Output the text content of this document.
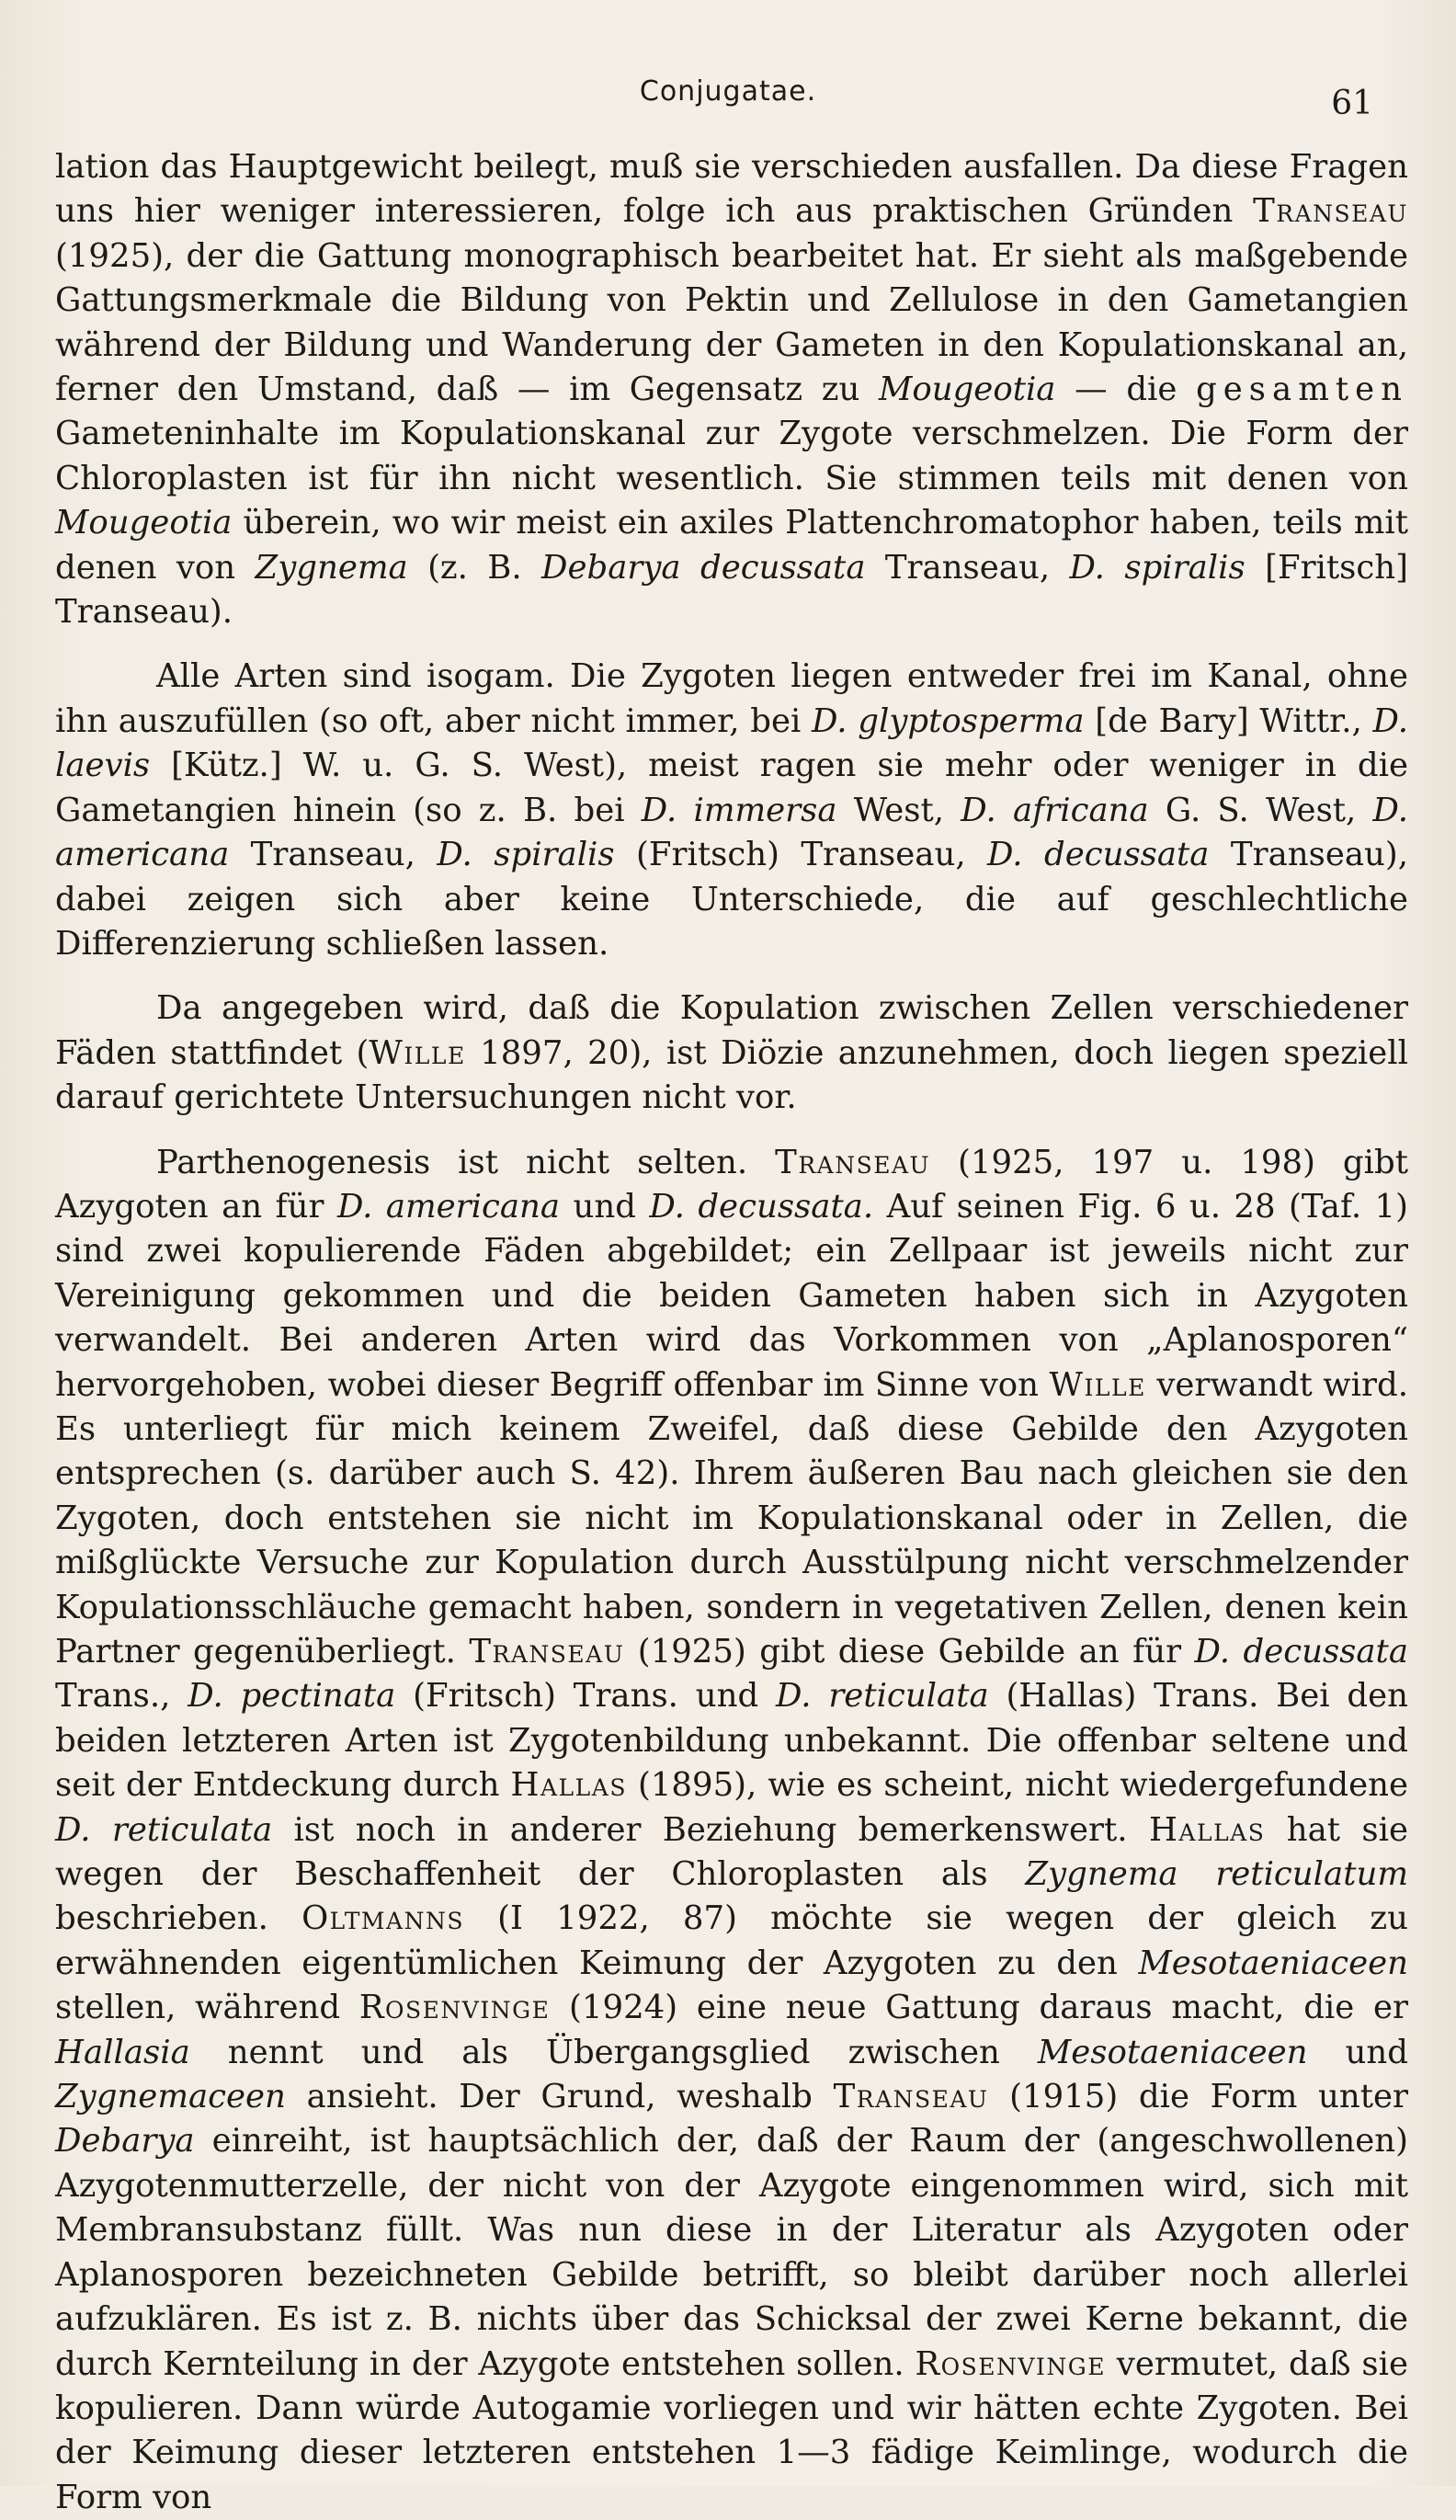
Conjugatae.	61

lation das Hauptgewicht beilegt, muß sie verschieden ausfallen. Da diese Fragen uns hier weniger interessieren, folge ich aus praktischen Gründen Transeau (1925), der die Gattung monographisch bearbeitet hat. Er sieht als maßgebende Gattungsmerkmale die Bildung von Pektin und Zellulose in den Gametangien während der Bildung und Wanderung der Gameten in den Kopulationskanal an, ferner den Umstand, daß — im Gegensatz zu Mougeotia — die gesamten Gameteninhalte im Kopulationskanal zur Zygote verschmelzen. Die Form der Chloroplasten ist für ihn nicht wesentlich. Sie stimmen teils mit denen von Mougeotia überein, wo wir meist ein axiles Plattenchromatophor haben, teils mit denen von Zygnema (z. B. Debarya decussata Transeau, D. spiralis [Fritsch] Transeau).

Alle Arten sind isogam. Die Zygoten liegen entweder frei im Kanal, ohne ihn auszufüllen (so oft, aber nicht immer, bei D. glyptosperma [de Bary] Wittr., D. laevis [Kütz.] W. u. G. S. West), meist ragen sie mehr oder weniger in die Gametangien hinein (so z. B. bei D. immersa West, D. africana G. S. West, D. americana Transeau, D. spiralis (Fritsch) Transeau, D. decussata Transeau), dabei zeigen sich aber keine Unterschiede, die auf geschlechtliche Differenzierung schließen lassen.

Da angegeben wird, daß die Kopulation zwischen Zellen verschiedener Fäden stattfindet (Wille 1897, 20), ist Diözie anzunehmen, doch liegen speziell darauf gerichtete Untersuchungen nicht vor.

Parthenogenesis ist nicht selten. Transeau (1925, 197 u. 198) gibt Azygoten an für D. americana und D. decussata. Auf seinen Fig. 6 u. 28 (Taf. 1) sind zwei kopulierende Fäden abgebildet; ein Zellpaar ist jeweils nicht zur Vereinigung gekommen und die beiden Gameten haben sich in Azygoten verwandelt. Bei anderen Arten wird das Vorkommen von „Aplanosporen“ hervorgehoben, wobei dieser Begriff offenbar im Sinne von Wille verwandt wird. Es unterliegt für mich keinem Zweifel, daß diese Gebilde den Azygoten entsprechen (s. darüber auch S. 42). Ihrem äußeren Bau nach gleichen sie den Zygoten, doch entstehen sie nicht im Kopulationskanal oder in Zellen, die mißglückte Versuche zur Kopulation durch Ausstülpung nicht verschmelzender Kopulationsschläuche gemacht haben, sondern in vegetativen Zellen, denen kein Partner gegenüberliegt. Transeau (1925) gibt diese Gebilde an für D. decussata Trans., D. pectinata (Fritsch) Trans. und D. reticulata (Hallas) Trans. Bei den beiden letzteren Arten ist Zygotenbildung unbekannt. Die offenbar seltene und seit der Entdeckung durch Hallas (1895), wie es scheint, nicht wiedergefundene D. reticulata ist noch in anderer Beziehung bemerkenswert. Hallas hat sie wegen der Beschaffenheit der Chloroplasten als Zygnema reticulatum beschrieben. Oltmanns (I 1922, 87) möchte sie wegen der gleich zu erwähnenden eigentümlichen Keimung der Azygoten zu den Mesotaeniaceen stellen, während Rosenvinge (1924) eine neue Gattung daraus macht, die er Hallasia nennt und als Übergangsglied zwischen Mesotaeniaceen und Zygnemaceen ansieht. Der Grund, weshalb Transeau (1915) die Form unter Debarya einreiht, ist hauptsächlich der, daß der Raum der (angeschwollenen) Azygotenmutterzelle, der nicht von der Azygote eingenommen wird, sich mit Membransubstanz füllt. Was nun diese in der Literatur als Azygoten oder Aplanosporen bezeichneten Gebilde betrifft, so bleibt darüber noch allerlei aufzuklären. Es ist z. B. nichts über das Schicksal der zwei Kerne bekannt, die durch Kernteilung in der Azygote entstehen sollen. Rosenvinge vermutet, daß sie kopulieren. Dann würde Autogamie vorliegen und wir hätten echte Zygoten. Bei der Keimung dieser letzteren entstehen 1—3 fädige Keimlinge, wodurch die Form von
